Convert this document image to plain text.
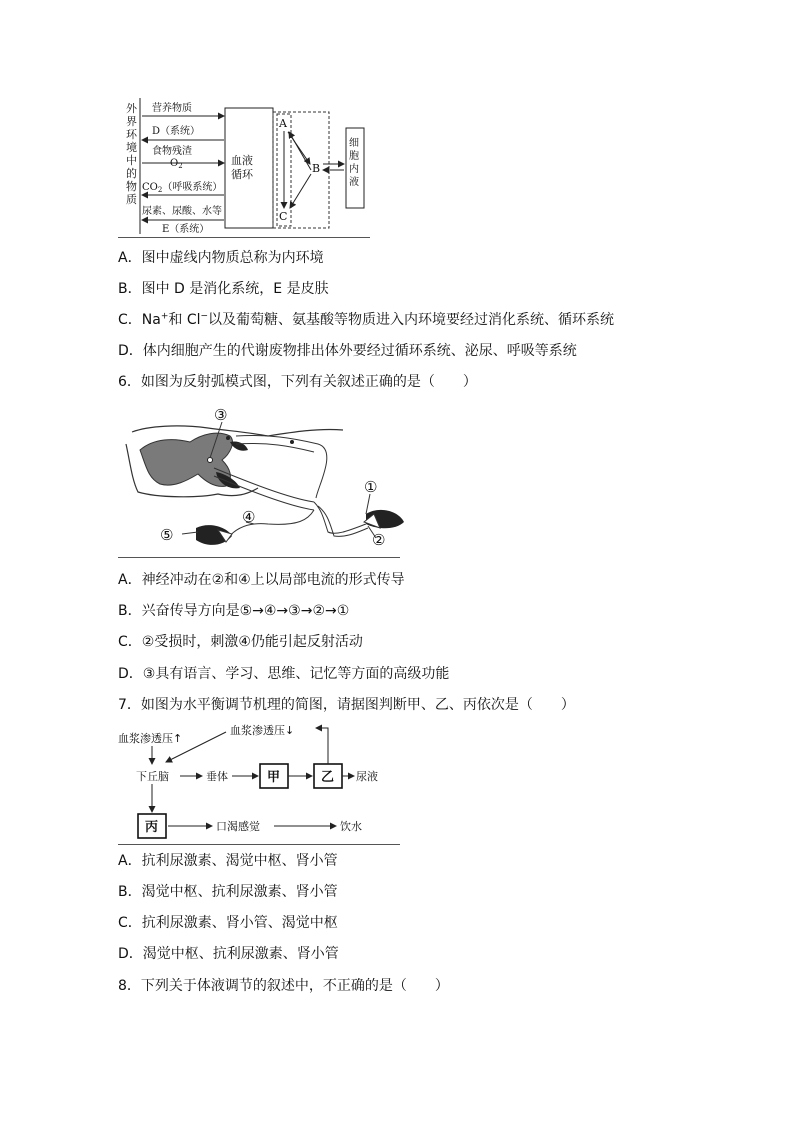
外
界
环
境
中
的
物
质
营养物质
D（系统）
食物残渣
$O_2$
$CO_2$（呼吸系统）
尿素、尿酸、水等
E（系统）
血液
循环
A
B
C
细
胞
内
液
A．图中虚线内物质总称为内环境
B．图中 D 是消化系统，E 是皮肤
C．Na+和 Cl−以及葡萄糖、氨基酸等物质进入内环境要经过消化系统、循环系统
D．体内细胞产生的代谢废物排出体外要经过循环系统、泌尿、呼吸等系统
6．如图为反射弧模式图，下列有关叙述正确的是（　　）
③
①
②
④
⑤
A．神经冲动在②和④上以局部电流的形式传导
B．兴奋传导方向是⑤→④→③→②→①
C．②受损时，刺激④仍能引起反射活动
D．③具有语言、学习、思维、记忆等方面的高级功能
7．如图为水平衡调节机理的简图，请据图判断甲、乙、丙依次是（　　）
血浆渗透压↑
血浆渗透压↓
下丘脑	垂体	尿液
口渴感觉	饮水
甲	乙
丙
A．抗利尿激素、渴觉中枢、肾小管
B．渴觉中枢、抗利尿激素、肾小管
C．抗利尿激素、肾小管、渴觉中枢
D．渴觉中枢、抗利尿激素、肾小管
8．下列关于体液调节的叙述中，不正确的是（　　）
